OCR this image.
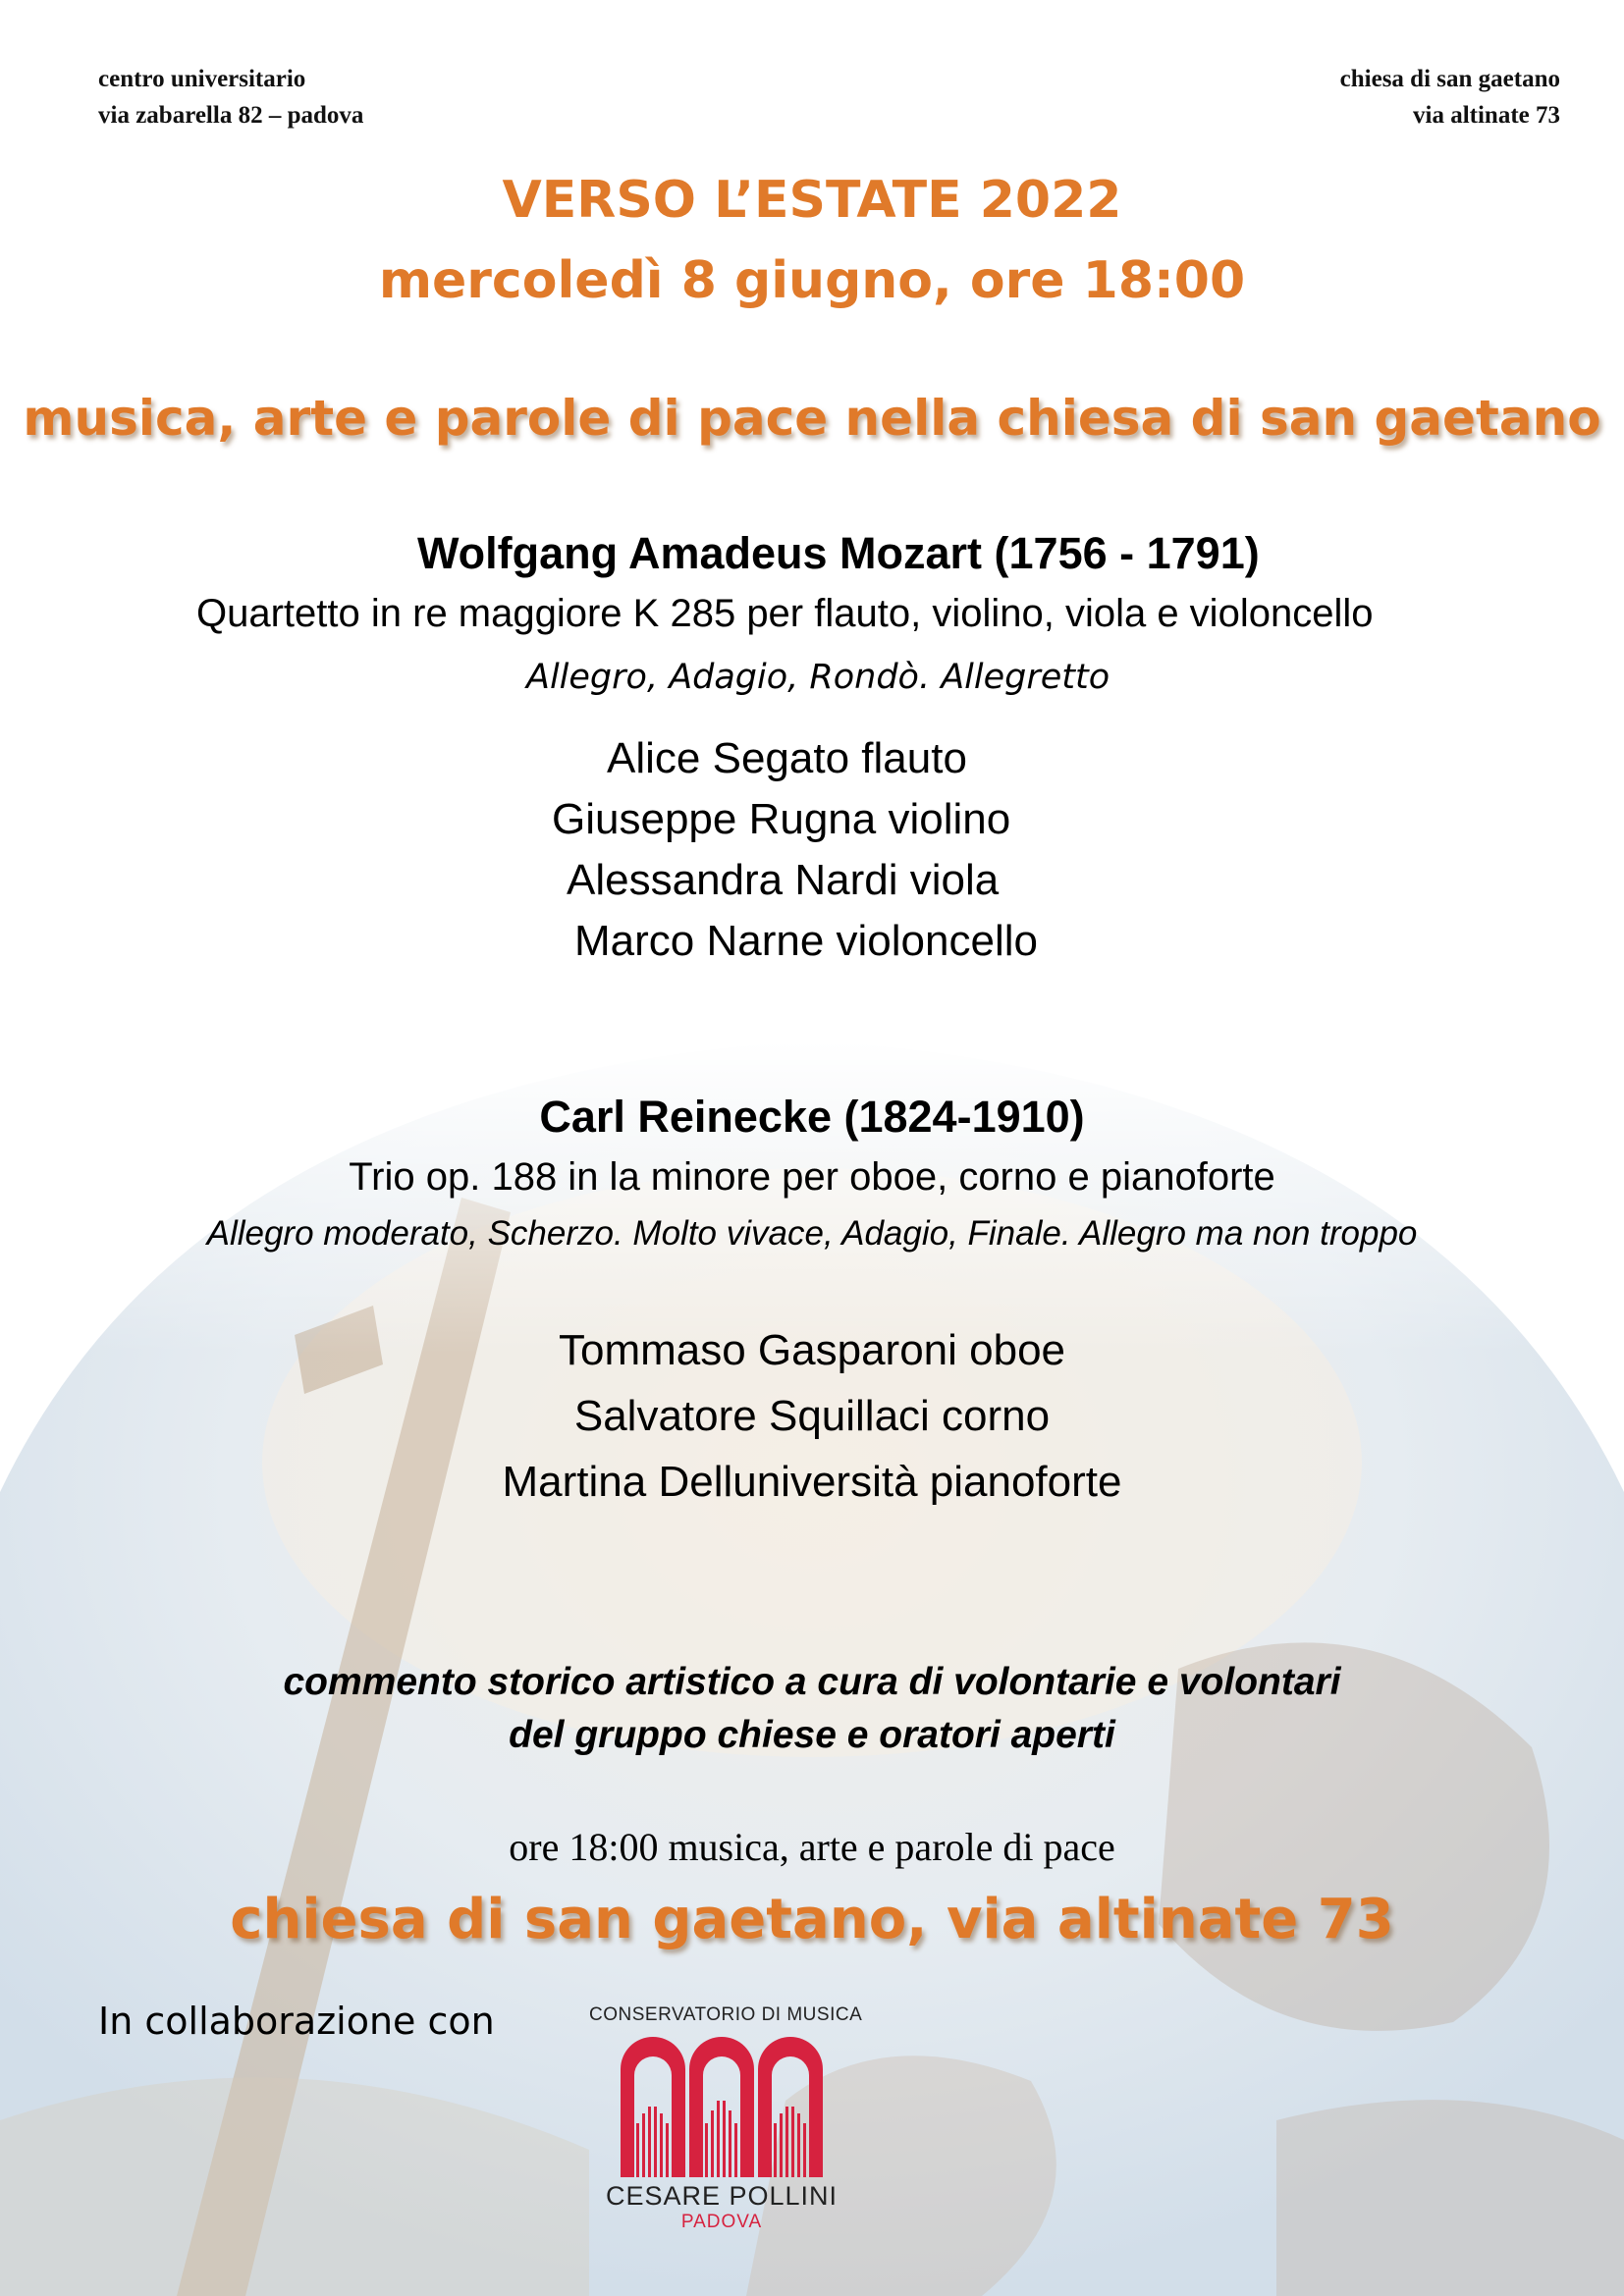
centro universitario
via zabarella 82 – padova
chiesa di san gaetano
via altinate 73
VERSO L’ESTATE 2022
mercoledì 8 giugno, ore 18:00
musica, arte e parole di pace nella chiesa di san gaetano
Wolfgang Amadeus Mozart (1756 - 1791)
Quartetto in re maggiore K 285 per flauto, violino, viola e violoncello
Allegro, Adagio, Rondò. Allegretto
Alice Segato flauto
Giuseppe Rugna violino
Alessandra Nardi viola
Marco Narne violoncello
Carl Reinecke (1824-1910)
Trio op. 188 in la minore per oboe, corno e pianoforte
Allegro moderato, Scherzo. Molto vivace, Adagio, Finale. Allegro ma non troppo
Tommaso Gasparoni oboe
Salvatore Squillaci corno
Martina Delluniversità pianoforte
commento storico artistico a cura di volontarie e volontari
del gruppo chiese e oratori aperti
ore 18:00 musica, arte e parole di pace
chiesa di san gaetano, via altinate 73
In collaborazione con	CONSERVATORIO DI MUSICA
CESARE POLLINI
PADOVA
